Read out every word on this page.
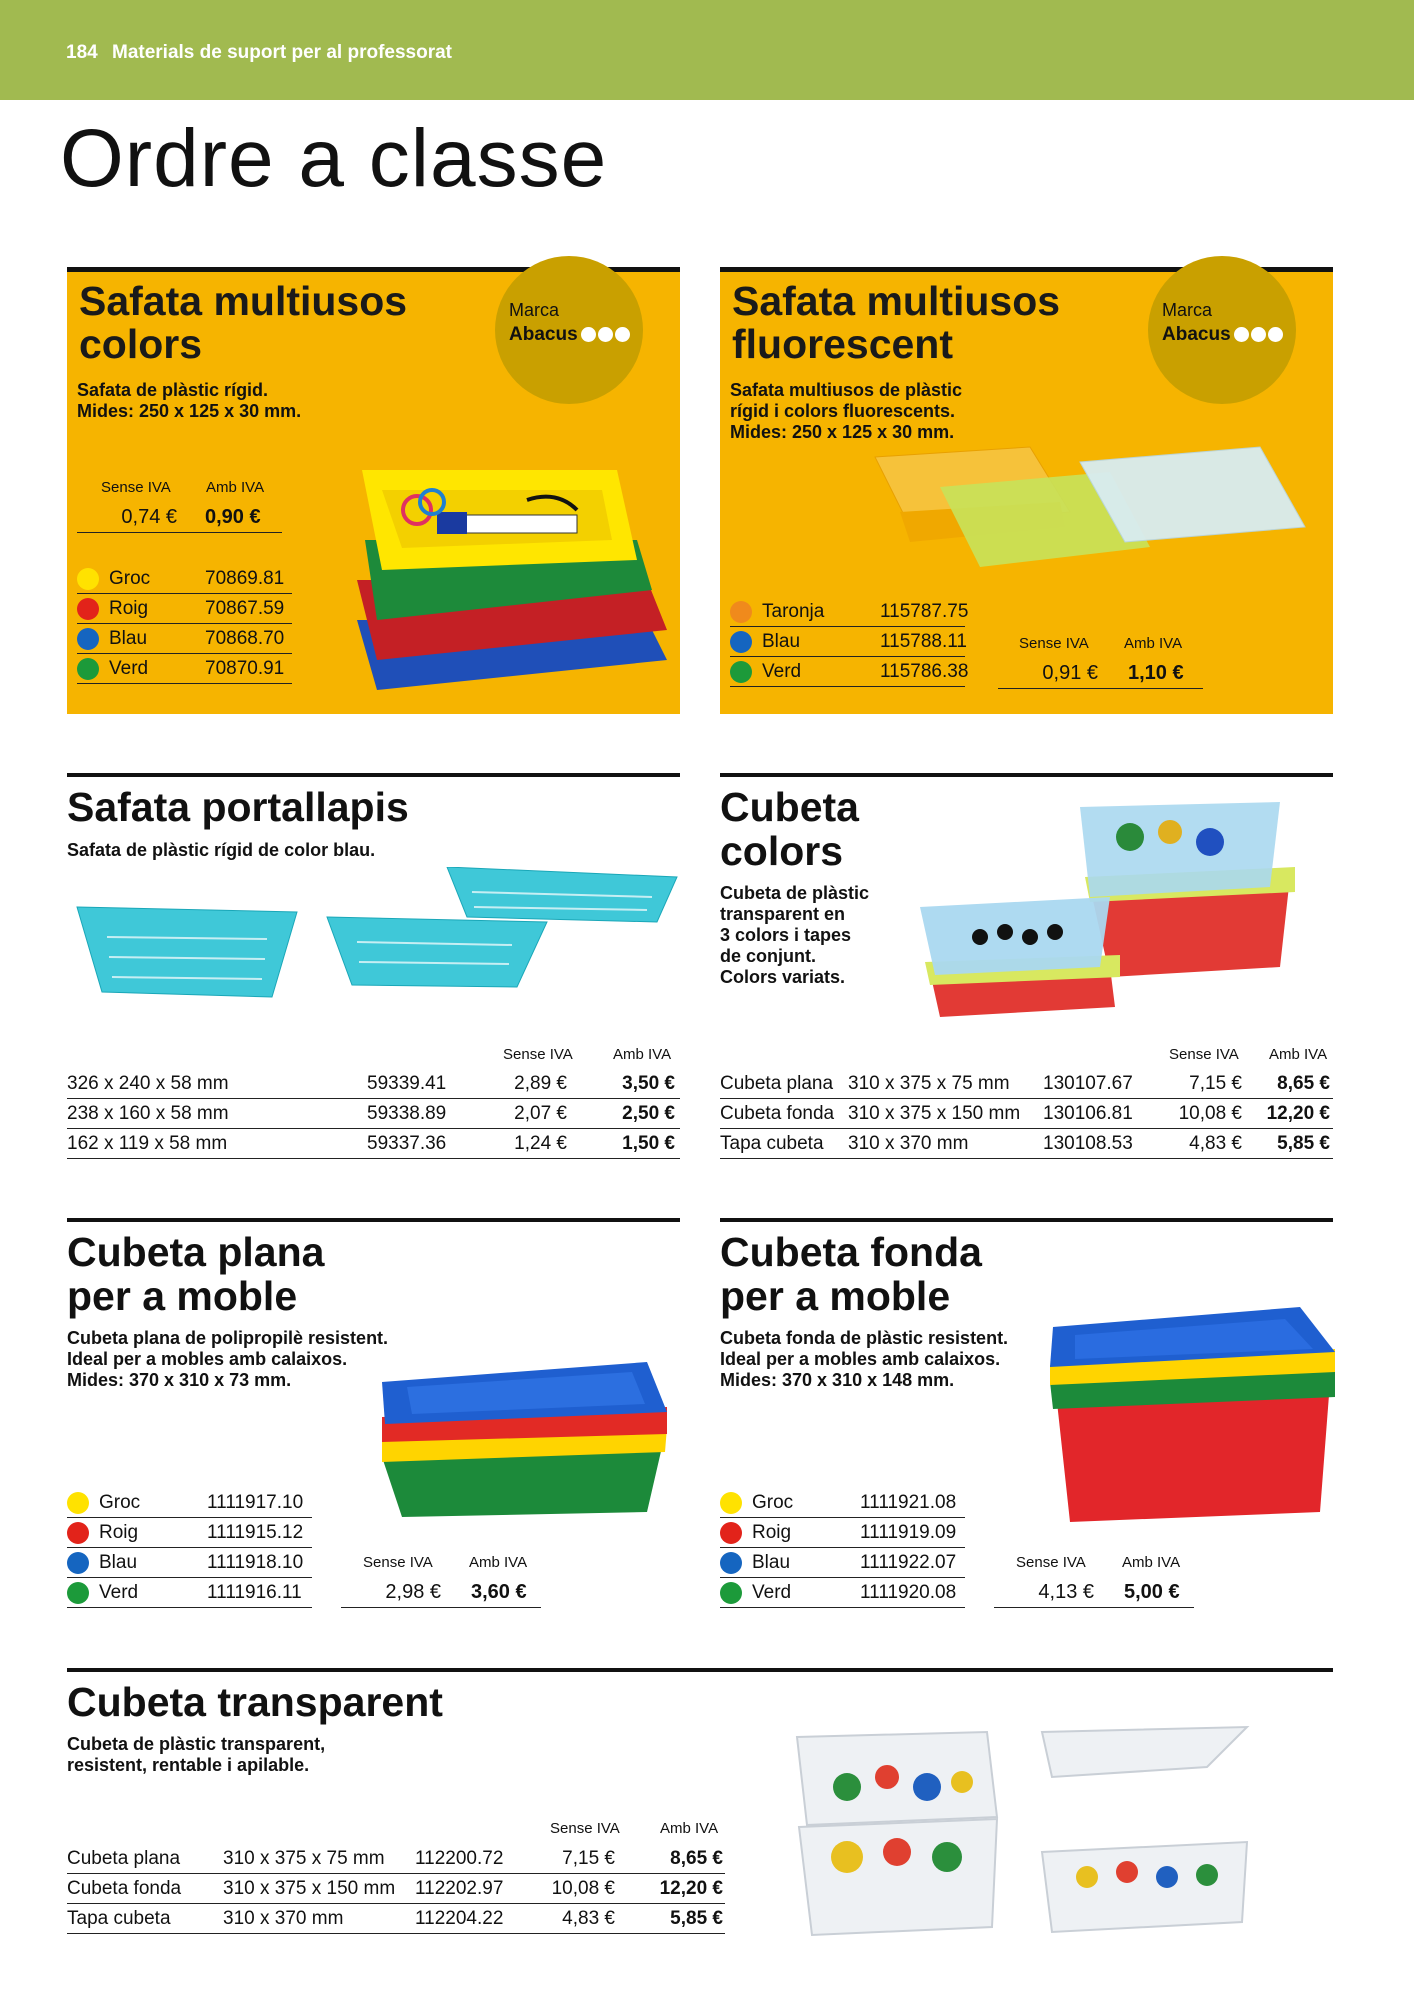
184 Materials de suport per al professorat
Ordre a classe
Safata multiusos
colors
Safata de plàstic rígid.
Mides: 250 x 125 x 30 mm.
Marca
Abacus
Sense IVA Amb IVA
0,74 € 0,90 €
Groc	70869.81
Roig	70867.59
Blau	70868.70
Verd	70870.91
Safata multiusos
fluorescent
Safata multiusos de plàstic
rígid i colors fluorescents.
Mides: 250 x 125 x 30 mm.
Marca
Abacus
Sense IVA Amb IVA
0,91 € 1,10 €
Taronja	115787.75
Blau	115788.11
Verd	115786.38
Safata portallapis
Safata de plàstic rígid de color blau.
Sense IVA	Amb IVA
326 x 240 x 58 mm	59339.41	2,89 €	3,50 €
238 x 160 x 58 mm	59338.89	2,07 €	2,50 €
162 x 119 x 58 mm	59337.36	1,24 €	1,50 €
Cubeta
colors
Cubeta de plàstic
transparent en
3 colors i tapes
de conjunt.
Colors variats.
Sense IVA Amb IVA
Cubeta plana 310 x 375 x 75 mm 130107.67	7,15 €	8,65 €
Cubeta fonda 310 x 375 x 150 mm 130106.81	10,08 €	12,20 €
Tapa cubeta 310 x 370 mm	130108.53	4,83 €	5,85 €
Cubeta plana
per a moble
Cubeta plana de polipropilè resistent.
Ideal per a mobles amb calaixos.
Mides: 370 x 310 x 73 mm.
Groc	1111917.10
Roig	1111915.12
Blau	1111918.10
Verd	1111916.11
Sense IVA Amb IVA
2,98 € 3,60 €
Cubeta fonda
per a moble
Cubeta fonda de plàstic resistent.
Ideal per a mobles amb calaixos.
Mides: 370 x 310 x 148 mm.
Groc	1111921.08
Roig	1111919.09
Blau	1111922.07
Verd	1111920.08
Sense IVA Amb IVA
4,13 € 5,00 €
Cubeta transparent
Cubeta de plàstic transparent,
resistent, rentable i apilable.
Sense IVA	Amb IVA
Cubeta plana 310 x 375 x 75 mm 112200.72	7,15 €	8,65 €
Cubeta fonda 310 x 375 x 150 mm 112202.97	10,08 €	12,20 €
Tapa cubeta	310 x 370 mm	112204.22	4,83 €	5,85 €
